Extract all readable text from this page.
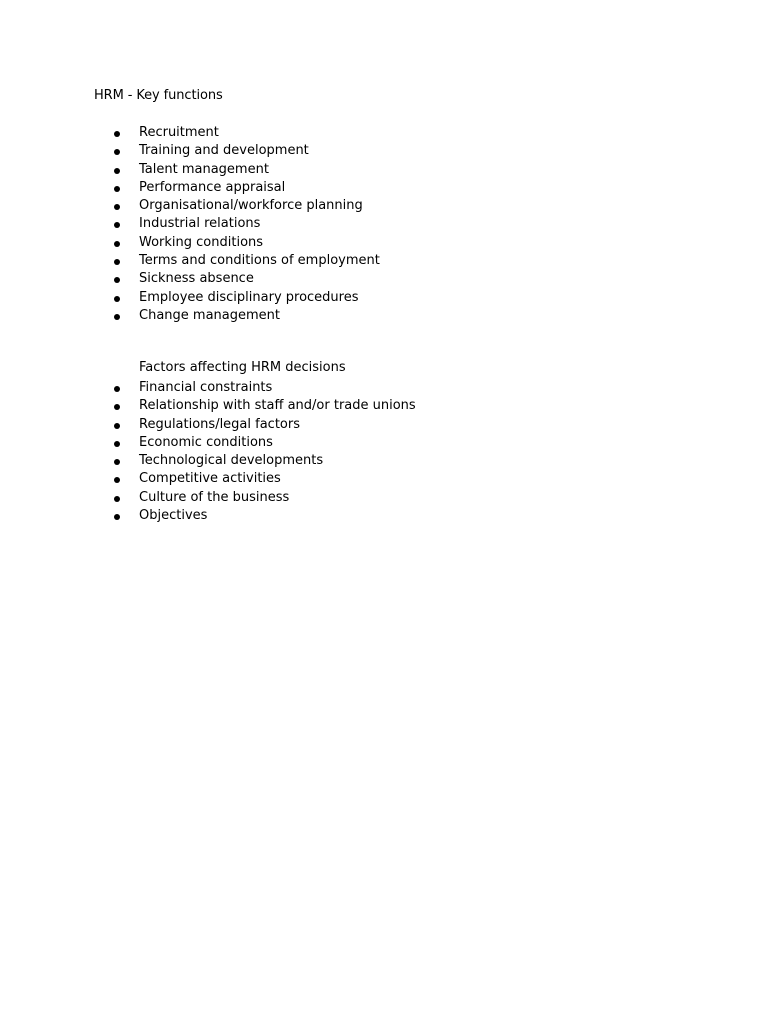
HRM - Key functions
Recruitment
Training and development
Talent management
Performance appraisal
Organisational/workforce planning
Industrial relations
Working conditions
Terms and conditions of employment
Sickness absence
Employee disciplinary procedures
Change management
Factors affecting HRM decisions
Financial constraints
Relationship with staff and/or trade unions
Regulations/legal factors
Economic conditions
Technological developments
Competitive activities
Culture of the business
Objectives
